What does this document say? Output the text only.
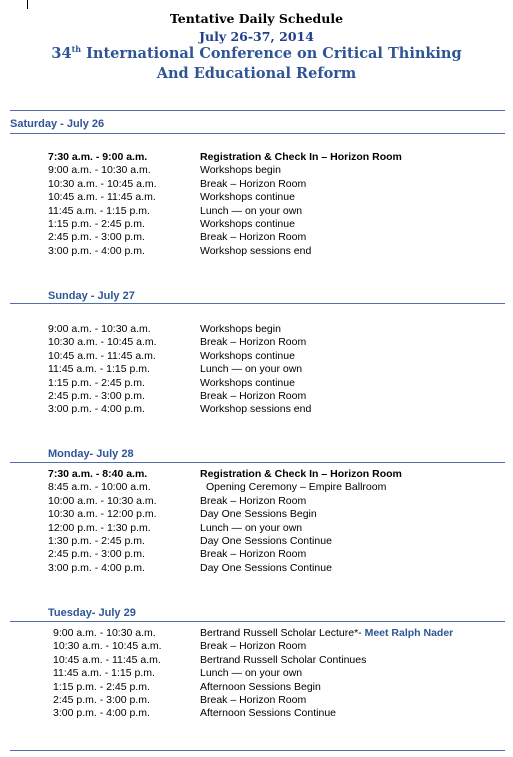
Tentative Daily Schedule
July 26-37, 2014
34th International Conference on Critical Thinking
And Educational Reform
Saturday - July 26
7:30 a.m. - 9:00 a.m.	Registration & Check In – Horizon Room
9:00 a.m. - 10:30 a.m.	Workshops begin
10:30 a.m. - 10:45 a.m.	Break – Horizon Room
10:45 a.m. - 11:45 a.m.	Workshops continue
11:45 a.m. - 1:15 p.m.	Lunch — on your own
1:15 p.m. - 2:45 p.m.	Workshops continue
2:45 p.m. - 3:00 p.m.	Break – Horizon Room
3:00 p.m. - 4:00 p.m.	Workshop sessions end
Sunday - July 27
9:00 a.m. - 10:30 a.m.	Workshops begin
10:30 a.m. - 10:45 a.m.	Break – Horizon Room
10:45 a.m. - 11:45 a.m.	Workshops continue
11:45 a.m. - 1:15 p.m.	Lunch — on your own
1:15 p.m. - 2:45 p.m.	Workshops continue
2:45 p.m. - 3:00 p.m.	Break – Horizon Room
3:00 p.m. - 4:00 p.m.	Workshop sessions end
Monday- July 28
7:30 a.m. - 8:40 a.m.	Registration & Check In – Horizon Room
8:45 a.m. - 10:00 a.m.	Opening Ceremony – Empire Ballroom
10:00 a.m. - 10:30 a.m.	Break – Horizon Room
10:30 a.m. - 12:00 p.m.	Day One Sessions Begin
12:00 p.m. - 1:30 p.m.	Lunch — on your own
1:30 p.m. - 2:45 p.m.	Day One Sessions Continue
2:45 p.m. - 3:00 p.m.	Break – Horizon Room
3:00 p.m. - 4:00 p.m.	Day One Sessions Continue
Tuesday- July 29
9:00 a.m. - 10:30 a.m.	Bertrand Russell Scholar Lecture*- Meet Ralph Nader
10:30 a.m. - 10:45 a.m.	Break – Horizon Room
10:45 a.m. - 11:45 a.m.	Bertrand Russell Scholar Continues
11:45 a.m. - 1:15 p.m.	Lunch — on your own
1:15 p.m. - 2:45 p.m.	Afternoon Sessions Begin
2:45 p.m. - 3:00 p.m.	Break – Horizon Room
3:00 p.m. - 4:00 p.m.	Afternoon Sessions Continue
